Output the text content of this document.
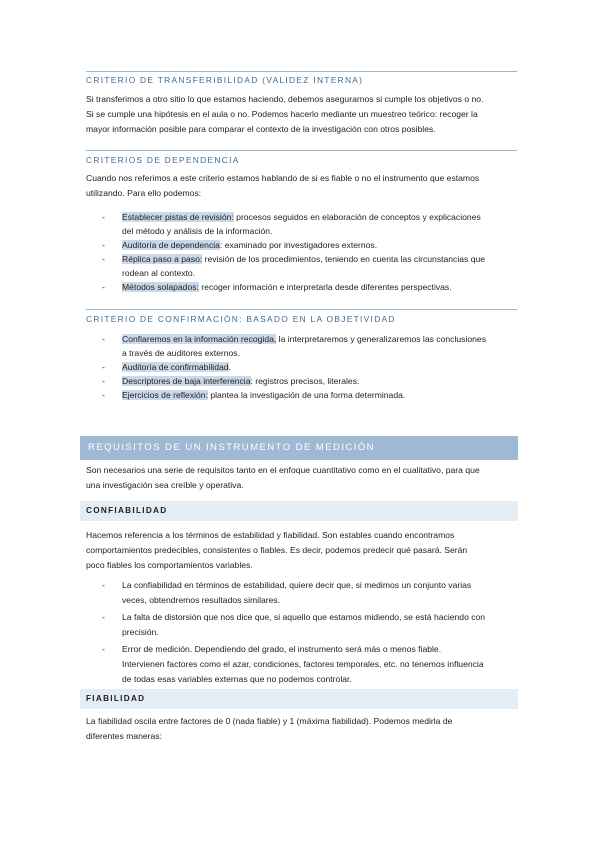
CRITERIO DE TRANSFERIBILIDAD (VALIDEZ INTERNA)
Si transferimos a otro sitio lo que estamos haciendo, debemos asegurarnos si cumple los objetivos o no.
Si se cumple una hipótesis en el aula o no. Podemos hacerlo mediante un muestreo teórico: recoger la
mayor información posible para comparar el contexto de la investigación con otros posibles.
CRITERIOS DE DEPENDENCIA
Cuando nos referimos a este criterio estamos hablando de si es fiable o no el instrumento que estamos
utilizando. Para ello podemos:
- Establecer pistas de revisión: procesos seguidos en elaboración de conceptos y explicaciones
del método y análisis de la información.
- Auditoría de dependencia: examinado por investigadores externos.
- Réplica paso a paso: revisión de los procedimientos, teniendo en cuenta las circunstancias que
rodean al contexto.
- Métodos solapados: recoger información e interpretarla desde diferentes perspectivas.
CRITERIO DE CONFIRMACIÓN: BASADO EN LA OBJETIVIDAD
- Confiaremos en la información recogida, la interpretaremos y generalizaremos las conclusiones
a través de auditores externos.
- Auditoría de confirmabilidad.
- Descriptores de baja interferencia: registros precisos, literales.
- Ejercicios de reflexión: plantea la investigación de una forma determinada.
REQUISITOS DE UN INSTRUMENTO DE MEDICIÓN
Son necesarios una serie de requisitos tanto en el enfoque cuantitativo como en el cualitativo, para que
una investigación sea creíble y operativa.
CONFIABILIDAD
Hacemos referencia a los términos de estabilidad y fiabilidad. Son estables cuando encontramos
comportamientos predecibles, consistentes o fiables. Es decir, podemos predecir qué pasará. Serán
poco fiables los comportamientos variables.
- La confiabilidad en términos de estabilidad, quiere decir que, si medimos un conjunto varias
veces, obtendremos resultados similares.
- La falta de distorsión que nos dice que, si aquello que estamos midiendo, se está haciendo con
precisión.
- Error de medición. Dependiendo del grado, el instrumento será más o menos fiable.
Intervienen factores como el azar, condiciones, factores temporales, etc. no tenemos influencia
de todas esas variables externas que no podemos controlar.
FIABILIDAD
La fiabilidad oscila entre factores de 0 (nada fiable) y 1 (máxima fiabilidad). Podemos medirla de
diferentes maneras:
